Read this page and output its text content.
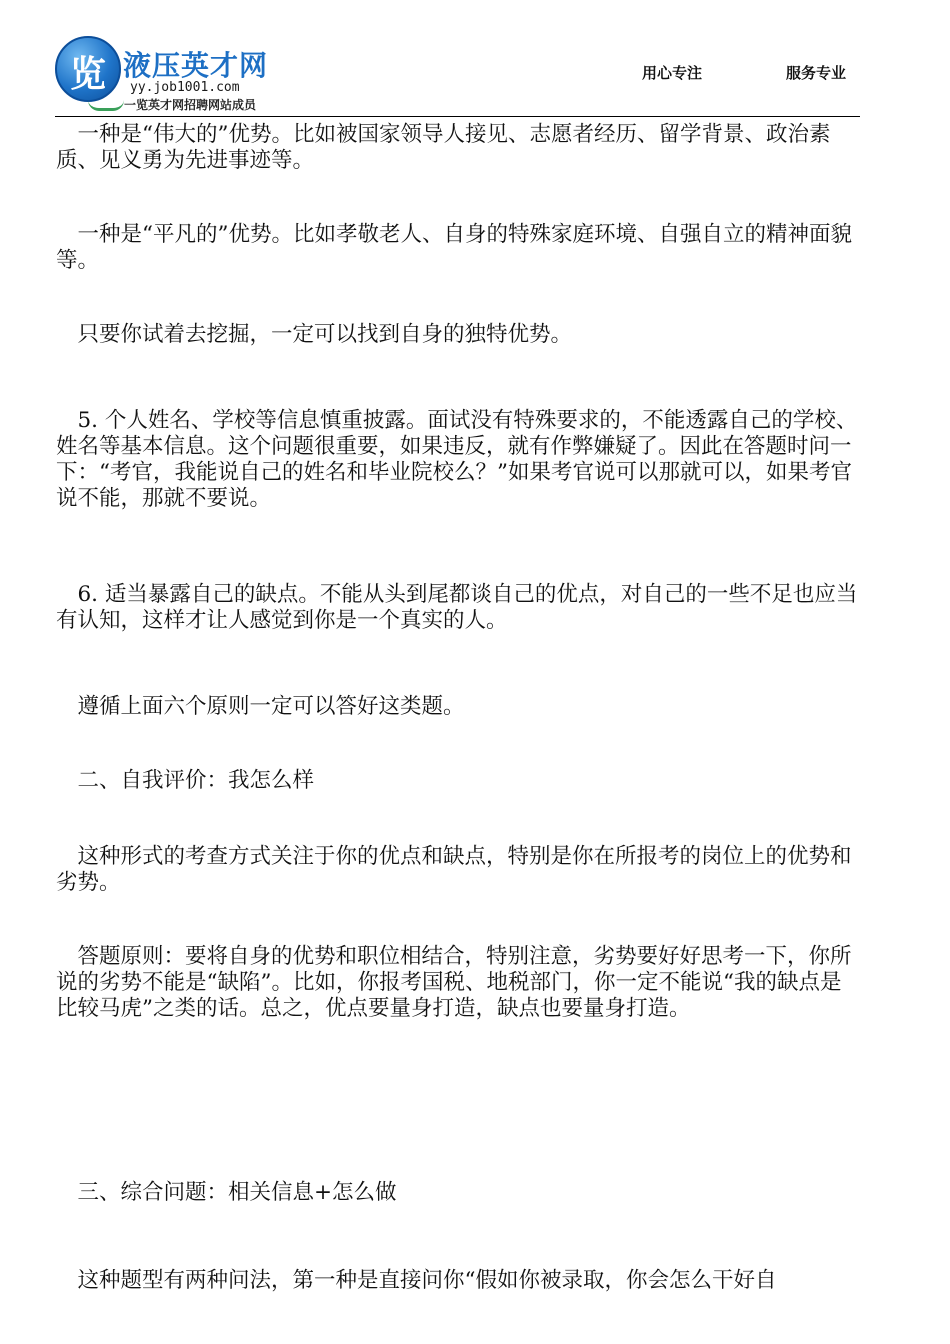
览 液压英才网
yy.job1001.com
一览英才网招聘网站成员
用心专注	服务专业

　一种是“伟大的”优势。比如被国家领导人接见、志愿者经历、留学背景、政治素质、见义勇为先进事迹等。

　一种是“平凡的”优势。比如孝敬老人、自身的特殊家庭环境、自强自立的精神面貌等。

　只要你试着去挖掘，一定可以找到自身的独特优势。

　5. 个人姓名、学校等信息慎重披露。面试没有特殊要求的，不能透露自己的学校、姓名等基本信息。这个问题很重要，如果违反，就有作弊嫌疑了。因此在答题时问一下：“考官，我能说自己的姓名和毕业院校么？”如果考官说可以那就可以，如果考官说不能，那就不要说。

　6. 适当暴露自己的缺点。不能从头到尾都谈自己的优点，对自己的一些不足也应当有认知，这样才让人感觉到你是一个真实的人。

　遵循上面六个原则一定可以答好这类题。

　二、自我评价：我怎么样

　这种形式的考查方式关注于你的优点和缺点，特别是你在所报考的岗位上的优势和劣势。

　答题原则：要将自身的优势和职位相结合，特别注意，劣势要好好思考一下，你所说的劣势不能是“缺陷”。比如，你报考国税、地税部门，你一定不能说“我的缺点是比较马虎”之类的话。总之，优点要量身打造，缺点也要量身打造。

　三、综合问题：相关信息+怎么做

　这种题型有两种问法，第一种是直接问你“假如你被录取，你会怎么干好自
